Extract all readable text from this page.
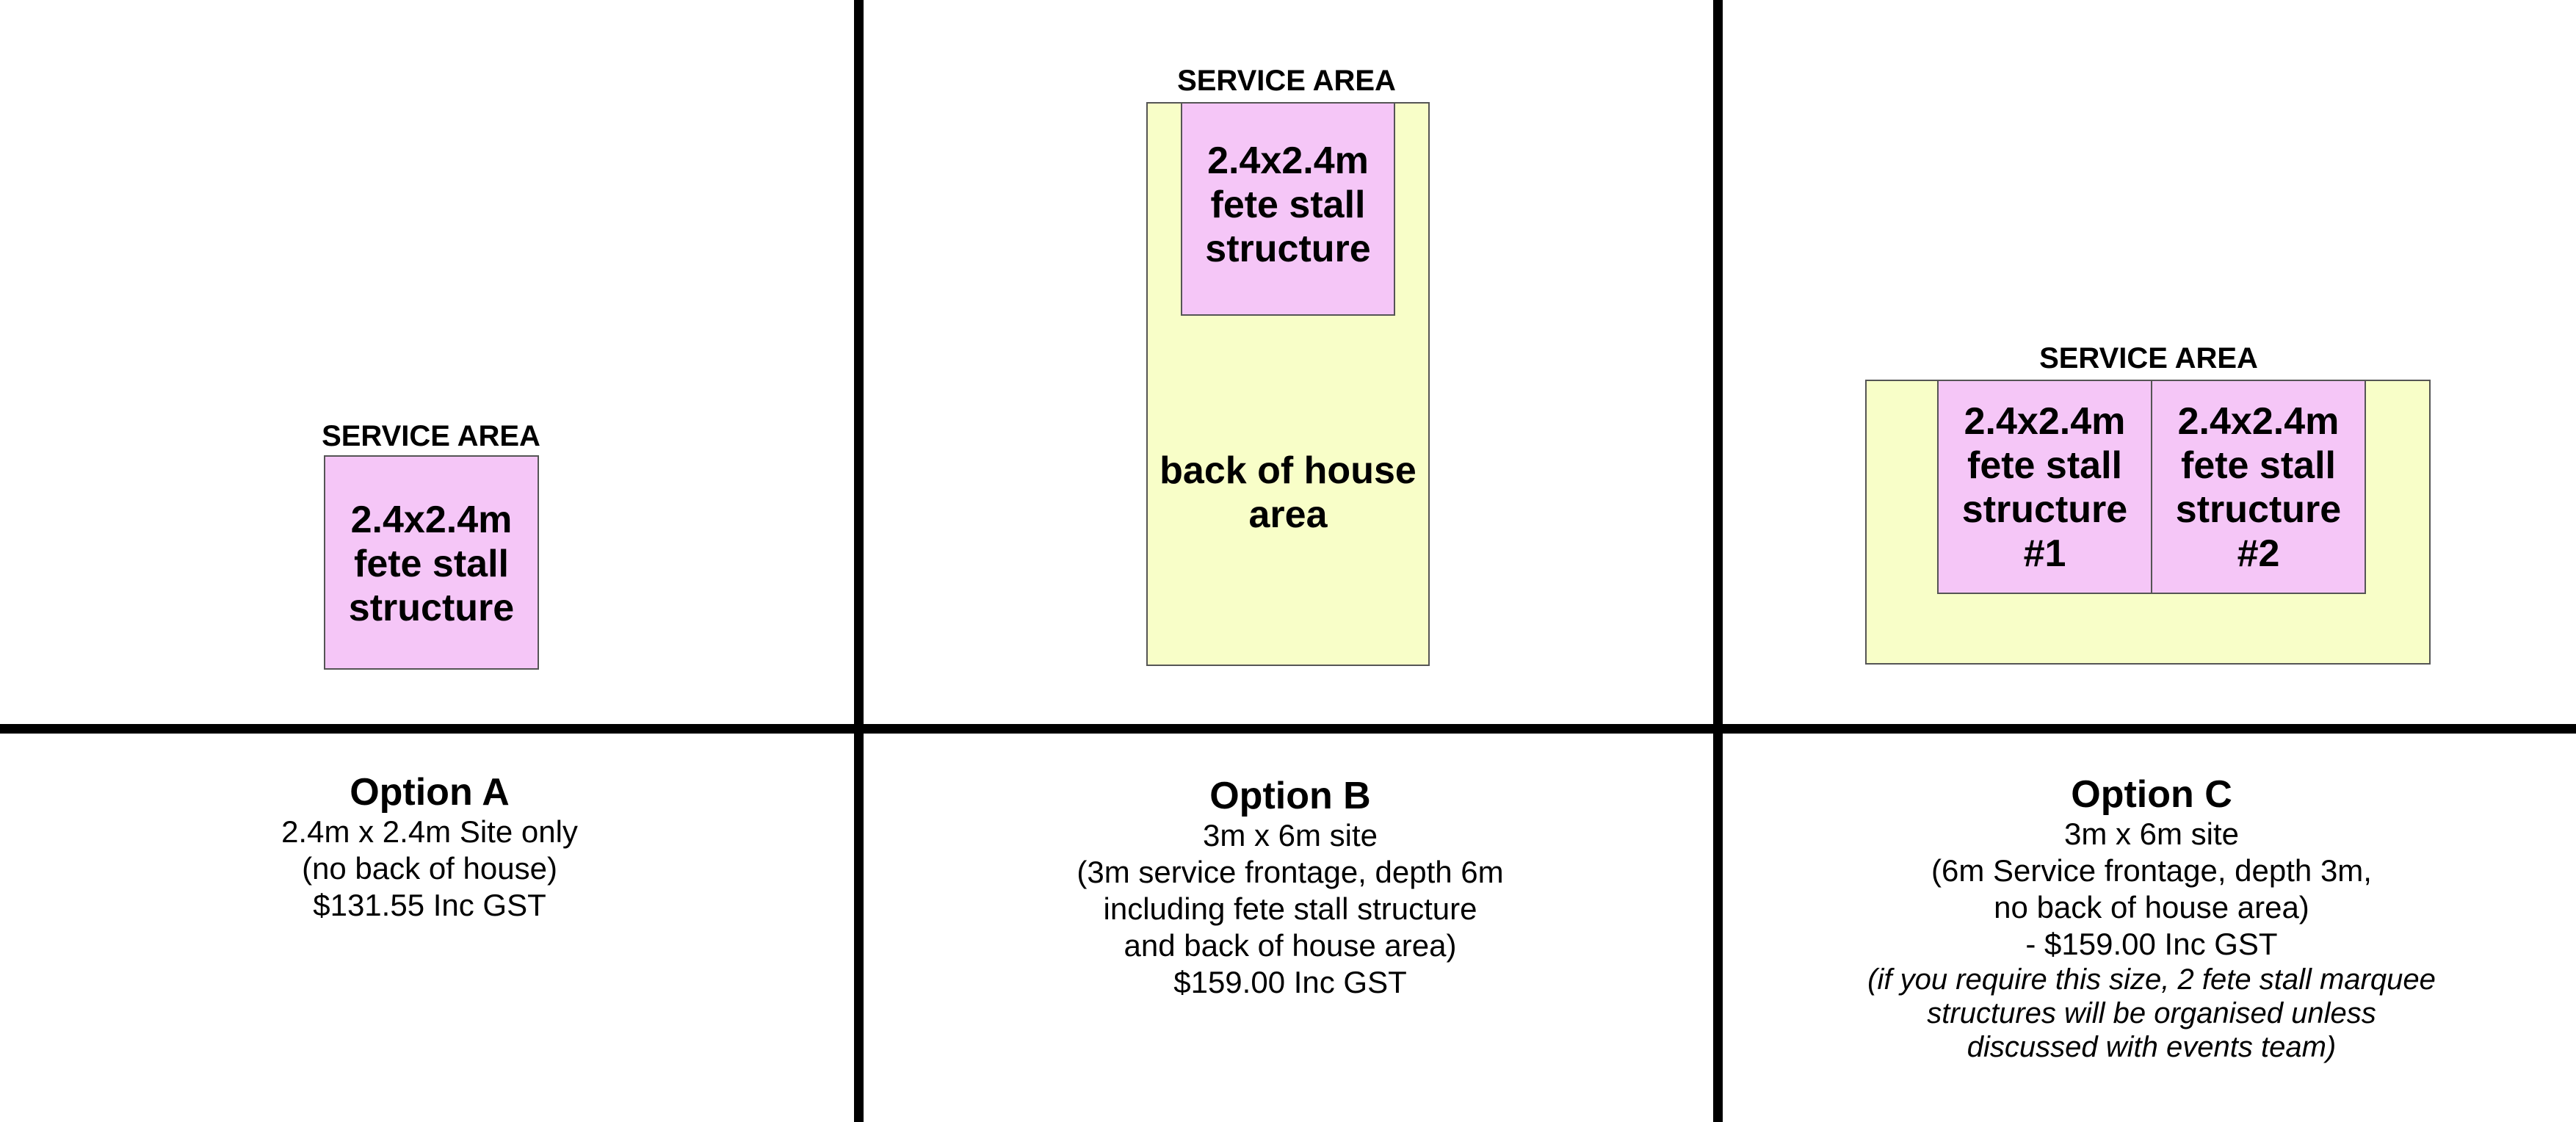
SERVICE AREA
2.4x2.4m
fete stall
structure
Option A
2.4m x 2.4m Site only
(no back of house)
$131.55 Inc GST
SERVICE AREA
back of house
area
2.4x2.4m
fete stall
structure
Option B
3m x 6m site
(3m service frontage, depth 6m
including fete stall structure
and back of house area)
$159.00 Inc GST
SERVICE AREA
2.4x2.4m
fete stall
structure
#1
2.4x2.4m
fete stall
structure
#2
Option C
3m x 6m site
(6m Service frontage, depth 3m,
no back of house area)
- $159.00 Inc GST
(if you require this size, 2 fete stall marquee
structures will be organised unless
discussed with events team)
